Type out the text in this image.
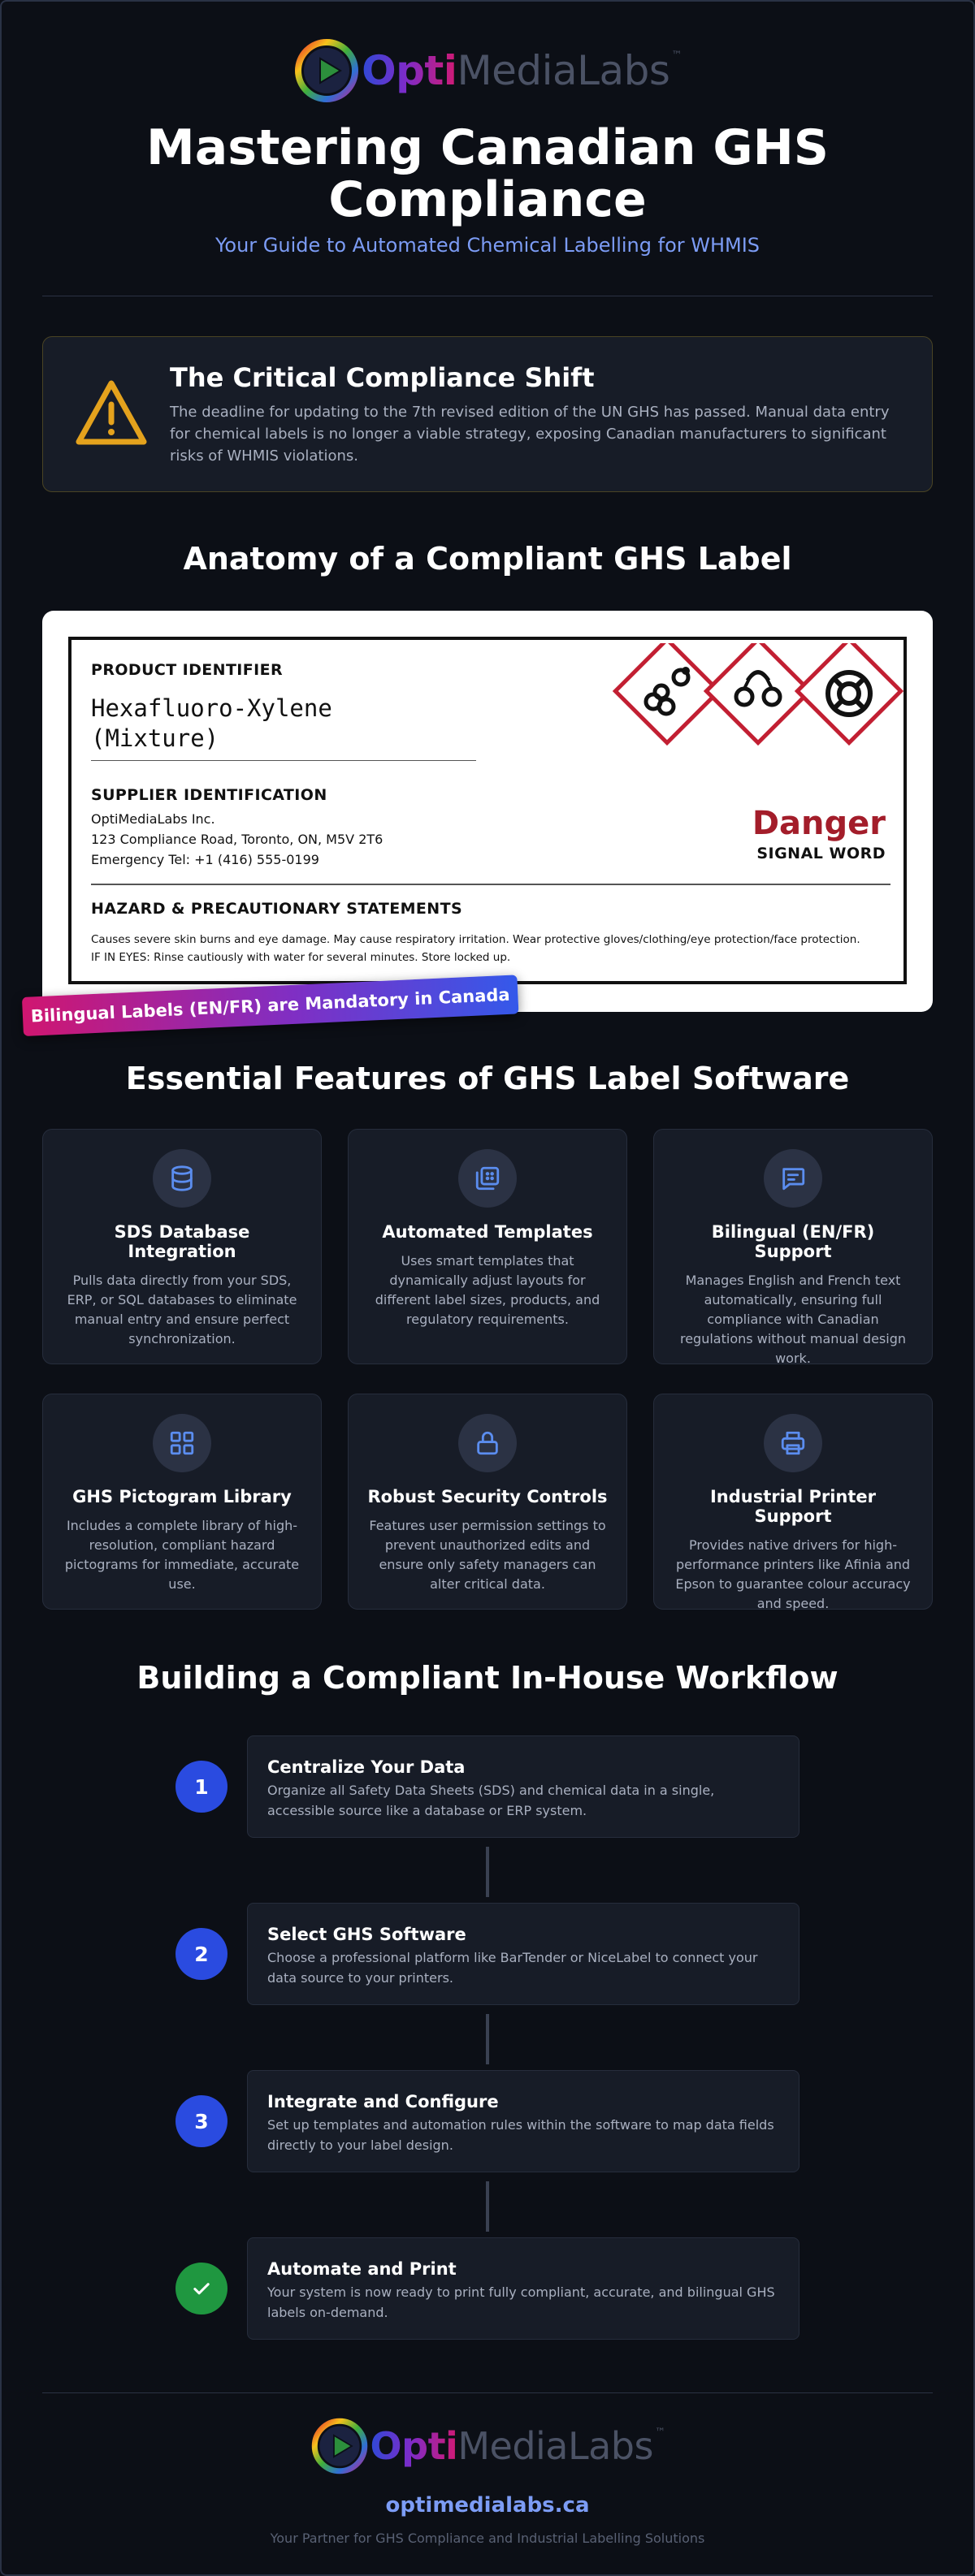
OptiMediaLabs ™
Mastering Canadian GHS
Compliance

Your Guide to Automated Chemical Labelling for WHMIS

The Critical Compliance Shift

The deadline for updating to the 7th revised edition of the UN GHS has passed. Manual data entry for chemical labels is no longer a viable strategy, exposing Canadian manufacturers to significant risks of WHMIS violations.

Anatomy of a Compliant GHS Label
PRODUCT IDENTIFIER
Hexafluoro-Xylene
(Mixture)
SUPPLIER IDENTIFICATION
OptiMediaLabs Inc.
123 Compliance Road, Toronto, ON, M5V 2T6
Emergency Tel: +1 (416) 555-0199
Danger
SIGNAL WORD
HAZARD & PRECAUTIONARY STATEMENTS

Causes severe skin burns and eye damage. May cause respiratory irritation. Wear protective gloves/clothing/eye protection/face protection. IF IN EYES: Rinse cautiously with water for several minutes. Store locked up.

Bilingual Labels (EN/FR) are Mandatory in Canada
Essential Features of GHS Label Software
SDS Database Integration

Pulls data directly from your SDS, ERP, or SQL databases to eliminate manual entry and ensure perfect synchronization.

Automated Templates

Uses smart templates that dynamically adjust layouts for different label sizes, products, and regulatory requirements.

Bilingual (EN/FR) Support

Manages English and French text automatically, ensuring full compliance with Canadian regulations without manual design work.

GHS Pictogram Library

Includes a complete library of high-resolution, compliant hazard pictograms for immediate, accurate use.

Robust Security Controls

Features user permission settings to prevent unauthorized edits and ensure only safety managers can alter critical data.

Industrial Printer Support

Provides native drivers for high-performance printers like Afinia and Epson to guarantee colour accuracy and speed.

Building a Compliant In-House Workflow
1
Centralize Your Data
Organize all Safety Data Sheets (SDS) and chemical data in a single, accessible source like a database or ERP system.
2
Select GHS Software
Choose a professional platform like BarTender or NiceLabel to connect your data source to your printers.
3
Integrate and Configure
Set up templates and automation rules within the software to map data fields directly to your label design.
Automate and Print
Your system is now ready to print fully compliant, accurate, and bilingual GHS labels on-demand.
OptiMediaLabs ™
optimedialabs.ca
Your Partner for GHS Compliance and Industrial Labelling Solutions
